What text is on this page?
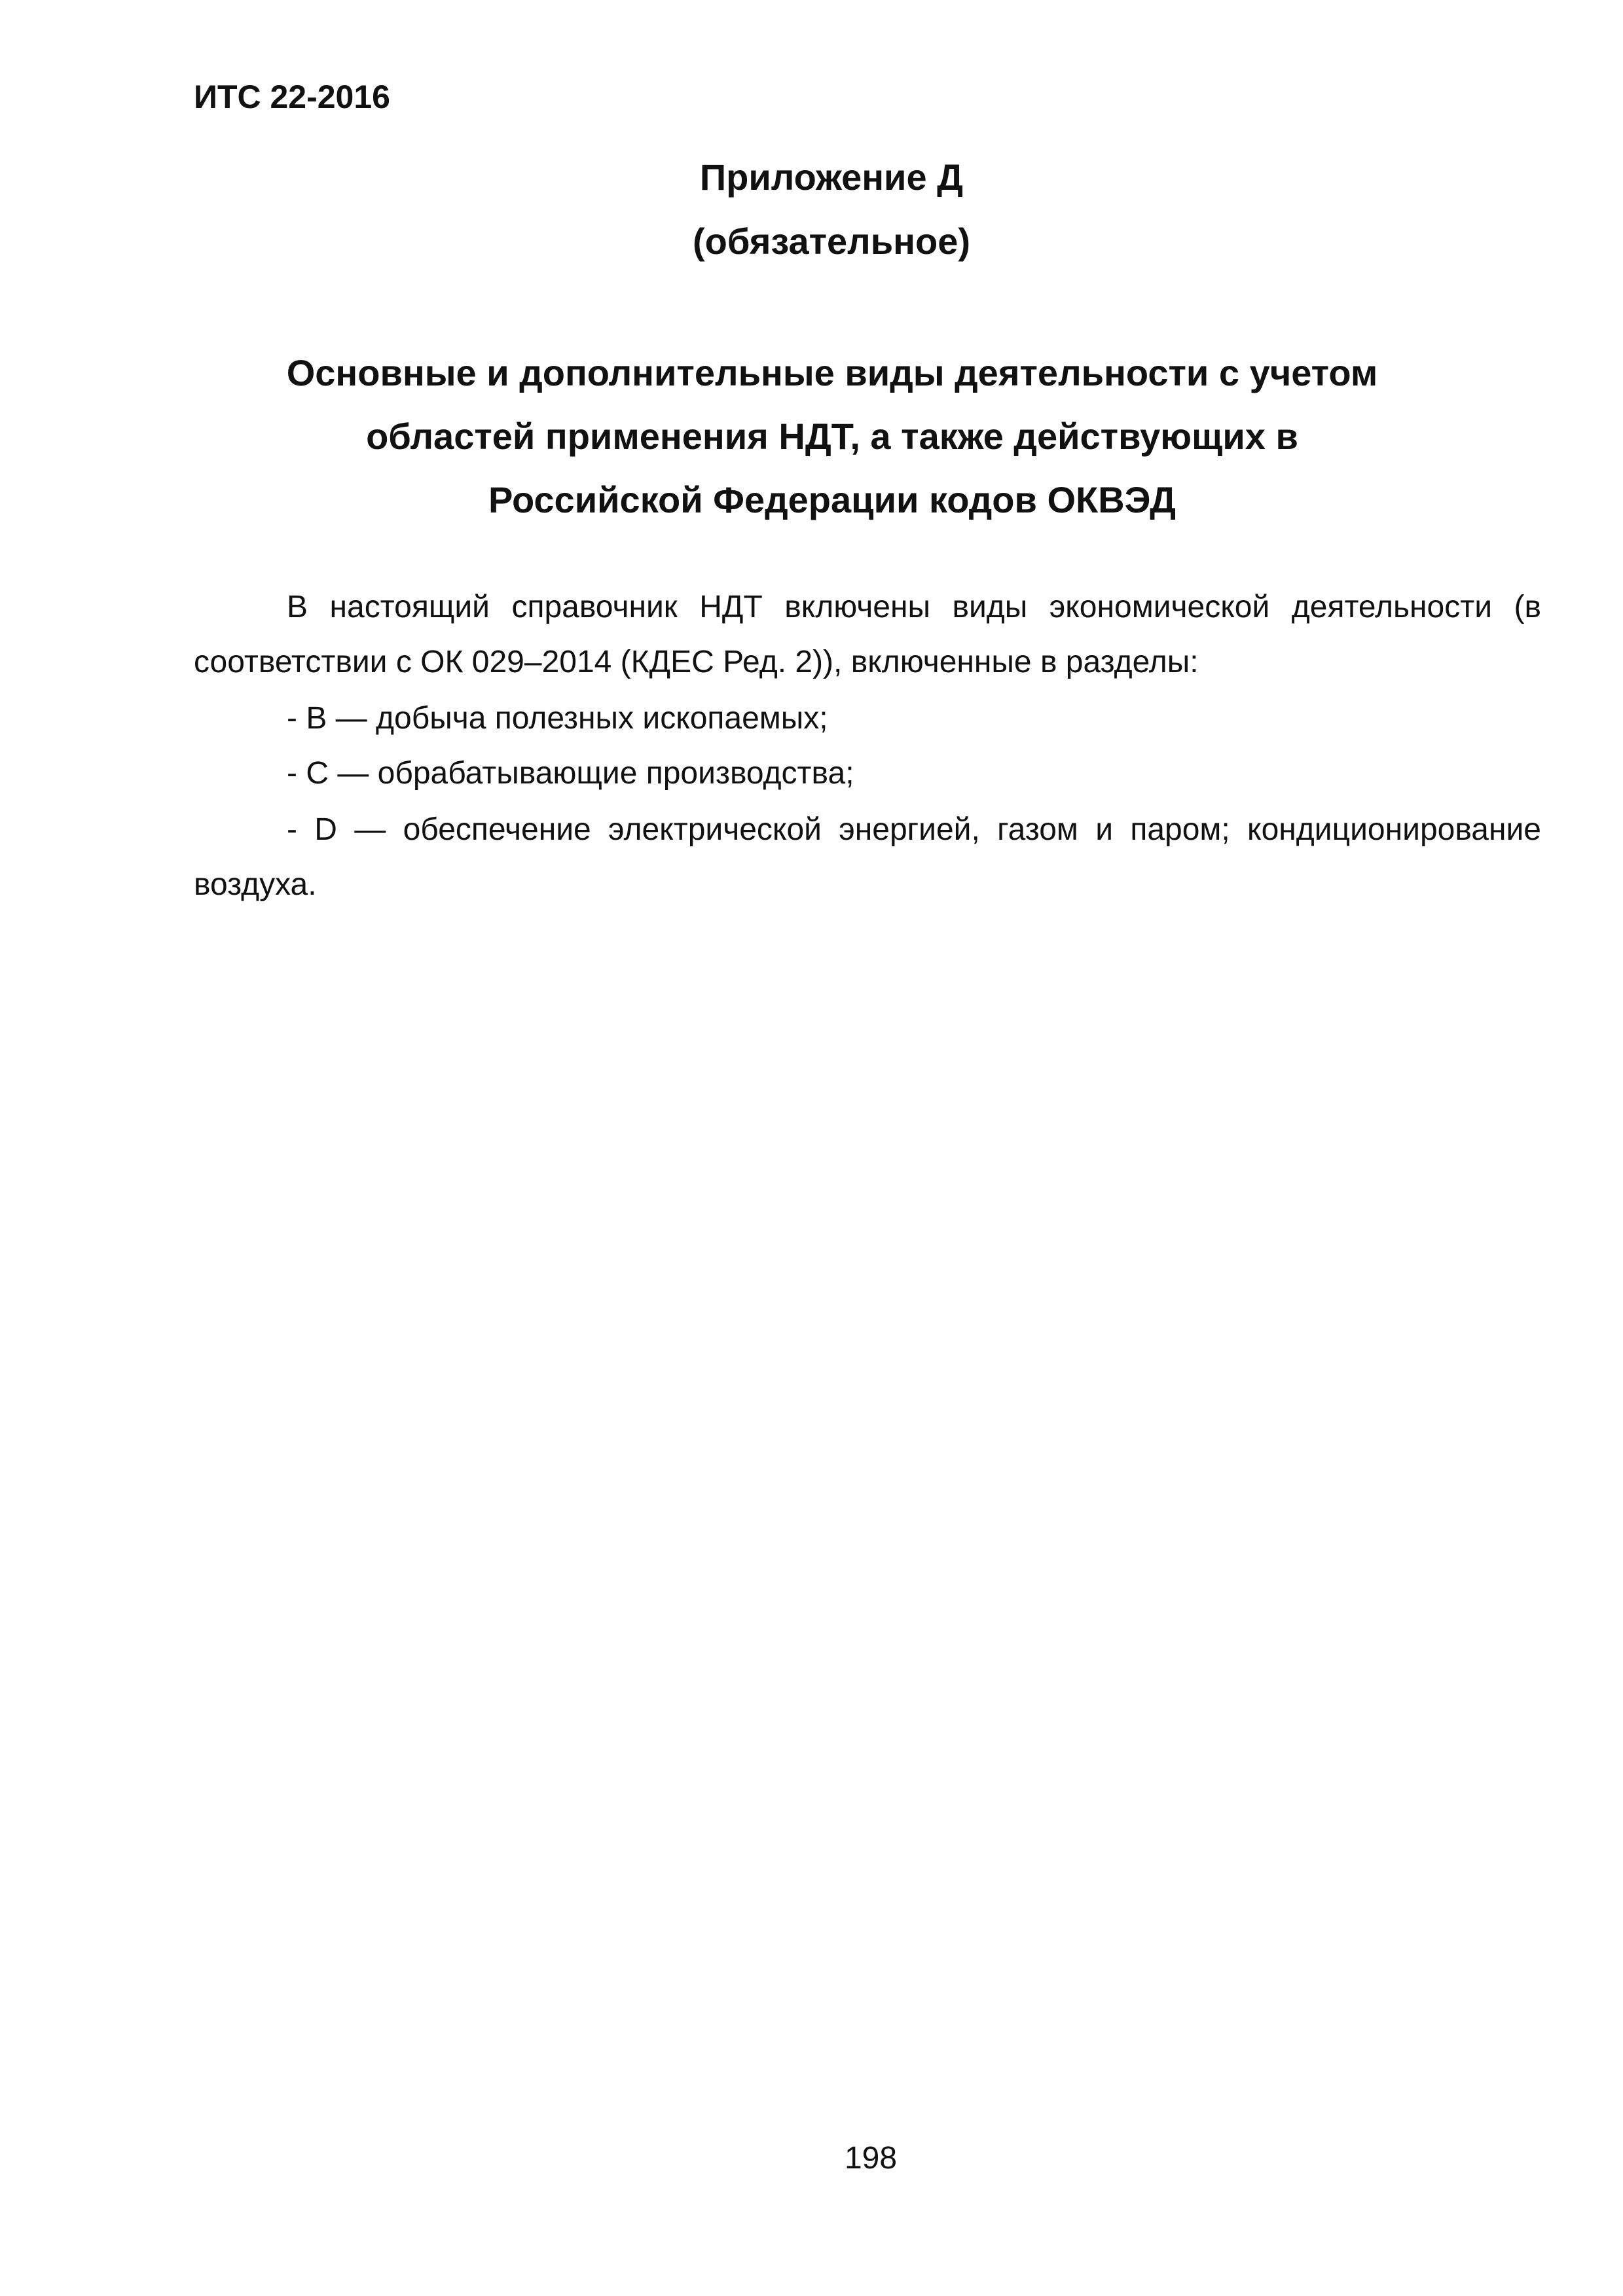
ИТС 22-2016
Приложение Д
(обязательное)
Основные и дополнительные виды деятельности с учетом
областей применения НДТ, а также действующих в
Российской Федерации кодов ОКВЭД
В настоящий справочник НДТ включены виды экономической деятельности (в
соответствии с ОК 029–2014 (КДЕС Ред. 2)), включенные в разделы:
- B — добыча полезных ископаемых;
- C — обрабатывающие производства;
- D — обеспечение электрической энергией, газом и паром; кондиционирование
воздуха.
198
